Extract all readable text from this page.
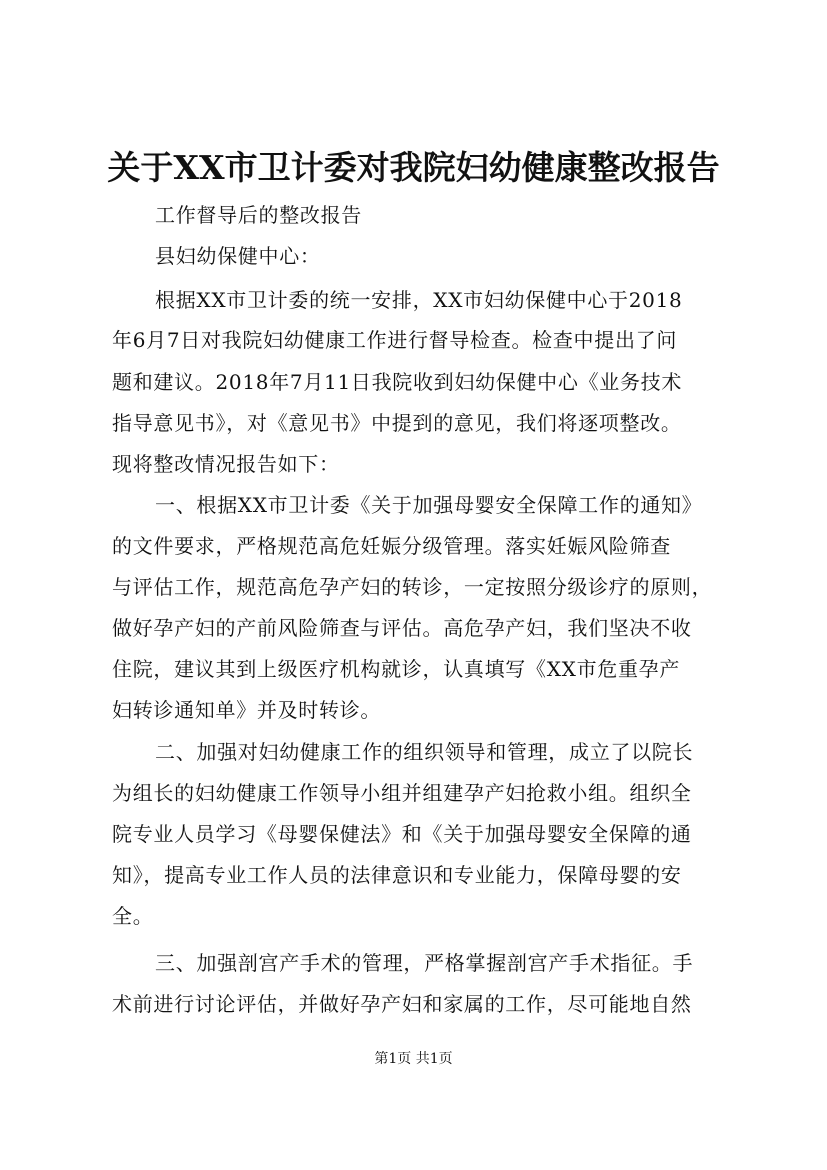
关于XX市卫计委对我院妇幼健康整改报告
工作督导后的整改报告
县妇幼保健中心：
根据XX市卫计委的统一安排，XX市妇幼保健中心于2018
年6月7日对我院妇幼健康工作进行督导检查。检查中提出了问
题和建议。2018年7月11日我院收到妇幼保健中心《业务技术
指导意见书》，对《意见书》中提到的意见，我们将逐项整改。
现将整改情况报告如下：
一、根据XX市卫计委《关于加强母婴安全保障工作的通知》
的文件要求，严格规范高危妊娠分级管理。落实妊娠风险筛查
与评估工作，规范高危孕产妇的转诊，一定按照分级诊疗的原则，
做好孕产妇的产前风险筛查与评估。高危孕产妇，我们坚决不收
住院，建议其到上级医疗机构就诊，认真填写《XX市危重孕产
妇转诊通知单》并及时转诊。
二、加强对妇幼健康工作的组织领导和管理，成立了以院长
为组长的妇幼健康工作领导小组并组建孕产妇抢救小组。组织全
院专业人员学习《母婴保健法》和《关于加强母婴安全保障的通
知》，提高专业工作人员的法律意识和专业能力，保障母婴的安
全。
三、加强剖宫产手术的管理，严格掌握剖宫产手术指征。手
术前进行讨论评估，并做好孕产妇和家属的工作，尽可能地自然
第1页 共1页
